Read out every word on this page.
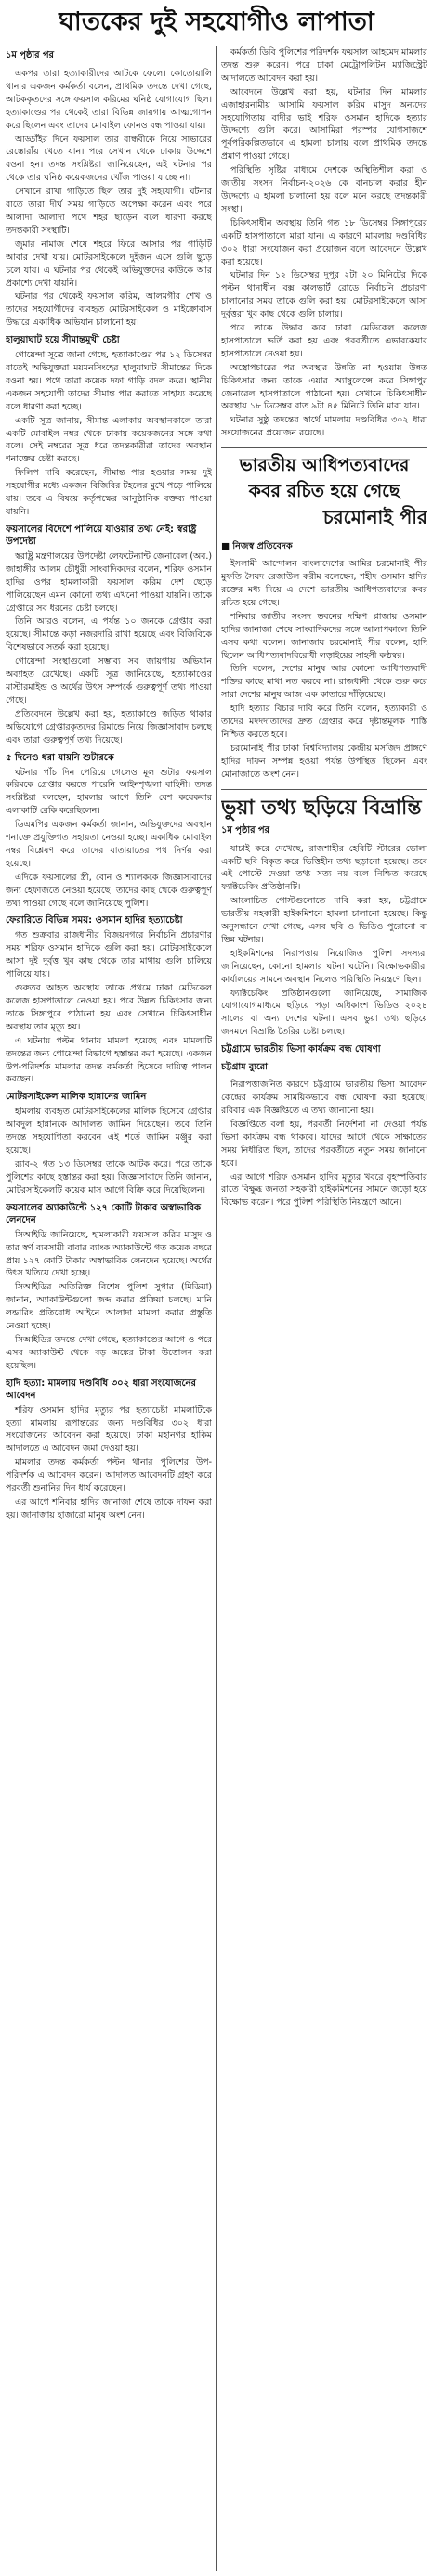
ঘাতকের দুই সহযোগীও লাপাতা
১ম পৃষ্ঠার পর

একপর তারা হত্যাকারীদের আটকে ফেলে। কোতোয়ালি থানার একজন কর্মকর্তা বলেন, প্রাথমিক তদন্তে দেখা গেছে, আটককৃতদের সঙ্গে ফয়সাল করিমের ঘনিষ্ঠ যোগাযোগ ছিল। হত্যাকাণ্ডের পর থেকেই তারা বিভিন্ন জায়গায় আত্মগোপন করে ছিলেন এবং তাদের মোবাইল ফোনও বন্ধ পাওয়া যায়।

আড্ডাঁইর দিনে ফয়সাল তার বান্ধবীকে নিয়ে সাভারের রেস্তোরাঁয় খেতে যান। পরে সেখান থেকে ঢাকায় উদ্দেশে রওনা হন। তদন্ত সংশ্লিষ্টরা জানিয়েছেন, এই ঘটনার পর থেকে তার ঘনিষ্ঠ কয়েকজনের খোঁজ পাওয়া যাচ্ছে না।

সেখানে রাখা গাড়িতে ছিল তার দুই সহযোগী। ঘটনার রাতে তারা দীর্ঘ সময় গাড়িতে অপেক্ষা করেন এবং পরে আলাদা আলাদা পথে শহর ছাড়েন বলে ধারণা করছে তদন্তকারী সংস্থাটি।

জুমার নামাজ শেষে শহরে ফিরে আসার পর গাড়িটি আবার দেখা যায়। মোটরসাইকেলে দুইজন এসে গুলি ছুড়ে চলে যায়। এ ঘটনার পর থেকেই অভিযুক্তদের কাউকে আর প্রকাশ্যে দেখা যায়নি।

ঘটনার পর থেকেই ফয়সাল করিম, আলমগীর শেখ ও তাদের সহযোগীদের ব্যবহৃত মোটরসাইকেল ও মাইক্রোবাস উদ্ধারে একাধিক অভিযান চালানো হয়।

হালুয়াঘাট হয়ে সীমান্তমুখী চেষ্টা

গোয়েন্দা সূত্রে জানা গেছে, হত্যাকাণ্ডের পর ১২ ডিসেম্বর রাতেই অভিযুক্তরা ময়মনসিংহের হালুয়াঘাট সীমান্তের দিকে রওনা হয়। পথে তারা কয়েক দফা গাড়ি বদল করে। স্থানীয় একজন সহযোগী তাদের সীমান্ত পার করাতে সাহায্য করেছে বলে ধারণা করা হচ্ছে।

একটি সূত্র জানায়, সীমান্ত এলাকায় অবস্থানকালে তারা একটি মোবাইল নম্বর থেকে ঢাকায় কয়েকজনের সঙ্গে কথা বলে। সেই নম্বরের সূত্র ধরে তদন্তকারীরা তাদের অবস্থান শনাক্তের চেষ্টা করছে।

ফিলিপ দাবি করেছেন, সীমান্ত পার হওয়ার সময় দুই সহযোগীর মধ্যে একজন বিজিবির টহলের মুখে পড়ে পালিয়ে যায়। তবে এ বিষয়ে কর্তৃপক্ষের আনুষ্ঠানিক বক্তব্য পাওয়া যায়নি।

ফয়সালের বিদেশে পালিয়ে যাওয়ার তথ্য নেই: স্বরাষ্ট্র উপদেষ্টা

স্বরাষ্ট্র মন্ত্রণালয়ের উপদেষ্টা লেফটেন্যান্ট জেনারেল (অব.) জাহাঙ্গীর আলম চৌধুরী সাংবাদিকদের বলেন, শরিফ ওসমান হাদির ওপর হামলাকারী ফয়সাল করিম দেশ ছেড়ে পালিয়েছেন এমন কোনো তথ্য এখনো পাওয়া যায়নি। তাকে গ্রেপ্তারে সব ধরনের চেষ্টা চলছে।

তিনি আরও বলেন, এ পর্যন্ত ১০ জনকে গ্রেপ্তার করা হয়েছে। সীমান্তে কড়া নজরদারি রাখা হয়েছে এবং বিজিবিকে বিশেষভাবে সতর্ক করা হয়েছে।

গোয়েন্দা সংস্থাগুলো সম্ভাব্য সব জায়গায় অভিযান অব্যাহত রেখেছে। একটি সূত্র জানিয়েছে, হত্যাকাণ্ডের মাস্টারমাইন্ড ও অর্থের উৎস সম্পর্কে গুরুত্বপূর্ণ তথ্য পাওয়া গেছে।

প্রতিবেদনে উল্লেখ করা হয়, হত্যাকাণ্ডে জড়িত থাকার অভিযোগে গ্রেপ্তারকৃতদের রিমান্ডে নিয়ে জিজ্ঞাসাবাদ চলছে এবং তারা গুরুত্বপূর্ণ তথ্য দিয়েছে।

৫ দিনেও ধরা যায়নি শুটারকে

ঘটনার পাঁচ দিন পেরিয়ে গেলেও মূল শুটার ফয়সাল করিমকে গ্রেপ্তার করতে পারেনি আইনশৃঙ্খলা বাহিনী। তদন্ত সংশ্লিষ্টরা বলছেন, হামলার আগে তিনি বেশ কয়েকবার এলাকাটি রেকি করেছিলেন।

ডিএমপির একজন কর্মকর্তা জানান, অভিযুক্তদের অবস্থান শনাক্তে প্রযুক্তিগত সহায়তা নেওয়া হচ্ছে। একাধিক মোবাইল নম্বর বিশ্লেষণ করে তাদের যাতায়াতের পথ নির্ণয় করা হয়েছে।

এদিকে ফয়সালের স্ত্রী, বোন ও শ্যালককে জিজ্ঞাসাবাদের জন্য হেফাজতে নেওয়া হয়েছে। তাদের কাছ থেকে গুরুত্বপূর্ণ তথ্য পাওয়া গেছে বলে জানিয়েছে পুলিশ।

ফেরারিতে বিভিন্ন সময়: ওসমান হাদির হত্যাচেষ্টা

গত শুক্রবার রাজধানীর বিজয়নগরে নির্বাচনি প্রচারণার সময় শরিফ ওসমান হাদিকে গুলি করা হয়। মোটরসাইকেলে আসা দুই দুর্বৃত্ত খুব কাছ থেকে তার মাথায় গুলি চালিয়ে পালিয়ে যায়।

গুরুতর আহত অবস্থায় তাকে প্রথমে ঢাকা মেডিকেল কলেজ হাসপাতালে নেওয়া হয়। পরে উন্নত চিকিৎসার জন্য তাকে সিঙ্গাপুরে পাঠানো হয় এবং সেখানে চিকিৎসাধীন অবস্থায় তার মৃত্যু হয়।

এ ঘটনায় পল্টন থানায় মামলা হয়েছে এবং মামলাটি তদন্তের জন্য গোয়েন্দা বিভাগে হস্তান্তর করা হয়েছে। একজন উপ-পরিদর্শক মামলার তদন্ত কর্মকর্তা হিসেবে দায়িত্ব পালন করছেন।

মোটরসাইকেল মালিক হান্নানের জামিন

হামলায় ব্যবহৃত মোটরসাইকেলের মালিক হিসেবে গ্রেপ্তার আবদুল হান্নানকে আদালত জামিন দিয়েছেন। তবে তিনি তদন্তে সহযোগিতা করবেন এই শর্তে জামিন মঞ্জুর করা হয়েছে।

র‍্যাব-২ গত ১৩ ডিসেম্বর তাকে আটক করে। পরে তাকে পুলিশের কাছে হস্তান্তর করা হয়। জিজ্ঞাসাবাদে তিনি জানান, মোটরসাইকেলটি কয়েক মাস আগে বিক্রি করে দিয়েছিলেন।

ফয়সালের অ্যাকাউন্টে ১২৭ কোটি টাকার অস্বাভাবিক লেনদেন

সিআইডি জানিয়েছে, হামলাকারী ফয়সাল করিম মাসুদ ও তার স্বর্ণ ব্যবসায়ী বাবার ব্যাংক অ্যাকাউন্টে গত কয়েক বছরে প্রায় ১২৭ কোটি টাকার অস্বাভাবিক লেনদেন হয়েছে। অর্থের উৎস খতিয়ে দেখা হচ্ছে।

সিআইডির অতিরিক্ত বিশেষ পুলিশ সুপার (মিডিয়া) জানান, অ্যাকাউন্টগুলো জব্দ করার প্রক্রিয়া চলছে। মানি লন্ডারিং প্রতিরোধ আইনে আলাদা মামলা করার প্রস্তুতি নেওয়া হচ্ছে।

সিআইডির তদন্তে দেখা গেছে, হত্যাকাণ্ডের আগে ও পরে এসব অ্যাকাউন্ট থেকে বড় অঙ্কের টাকা উত্তোলন করা হয়েছিল।

হাদি হত্যা: মামলায় দণ্ডবিধি ৩০২ ধারা সংযোজনের আবেদন

শরিফ ওসমান হাদির মৃত্যুর পর হত্যাচেষ্টা মামলাটিকে হত্যা মামলায় রূপান্তরের জন্য দণ্ডবিধির ৩০২ ধারা সংযোজনের আবেদন করা হয়েছে। ঢাকা মহানগর হাকিম আদালতে এ আবেদন জমা দেওয়া হয়।

মামলার তদন্ত কর্মকর্তা পল্টন থানার পুলিশের উপ-পরিদর্শক এ আবেদন করেন। আদালত আবেদনটি গ্রহণ করে পরবর্তী শুনানির দিন ধার্য করেছেন।

এর আগে শনিবার হাদির জানাজা শেষে তাকে দাফন করা হয়। জানাজায় হাজারো মানুষ অংশ নেন।

কর্মকর্তা ডিবি পুলিশের পরিদর্শক ফয়সাল আহমেদ মামলার তদন্ত শুরু করেন। পরে ঢাকা মেট্রোপলিটন ম্যাজিস্ট্রেট আদালতে আবেদন করা হয়।

আবেদনে উল্লেখ করা হয়, ঘটনার দিন মামলার এজাহারনামীয় আসামি ফয়সাল করিম মাসুদ অন্যদের সহযোগিতায় বাদীর ভাই শরিফ ওসমান হাদিকে হত্যার উদ্দেশ্যে গুলি করে। আসামিরা পরস্পর যোগসাজশে পূর্বপরিকল্পিতভাবে এ হামলা চালায় বলে প্রাথমিক তদন্তে প্রমাণ পাওয়া গেছে।

পরিস্থিতি সৃষ্টির মাধ্যমে দেশকে অস্থিতিশীল করা ও জাতীয় সংসদ নির্বাচন-২০২৬ কে বানচাল করার হীন উদ্দেশ্যে এ হামলা চালানো হয় বলে মনে করছে তদন্তকারী সংস্থা।

চিকিৎসাধীন অবস্থায় তিনি গত ১৮ ডিসেম্বর সিঙ্গাপুরের একটি হাসপাতালে মারা যান। এ কারণে মামলায় দণ্ডবিধির ৩০২ ধারা সংযোজন করা প্রয়োজন বলে আবেদনে উল্লেখ করা হয়েছে।

ঘটনার দিন ১২ ডিসেম্বর দুপুর ২টা ২০ মিনিটের দিকে পল্টন থানাধীন বক্স কালভার্ট রোডে নির্বাচনি প্রচারণা চালানোর সময় তাকে গুলি করা হয়। মোটরসাইকেলে আসা দুর্বৃত্তরা খুব কাছ থেকে গুলি চালায়।

পরে তাকে উদ্ধার করে ঢাকা মেডিকেল কলেজ হাসপাতালে ভর্তি করা হয় এবং পরবর্তীতে এভারকেয়ার হাসপাতালে নেওয়া হয়।

অস্ত্রোপচারের পর অবস্থার উন্নতি না হওয়ায় উন্নত চিকিৎসার জন্য তাকে এয়ার অ্যাম্বুলেন্সে করে সিঙ্গাপুর জেনারেল হাসপাতালে পাঠানো হয়। সেখানে চিকিৎসাধীন অবস্থায় ১৮ ডিসেম্বর রাত ৯টা ৪৫ মিনিটে তিনি মারা যান।

ঘটনার সুষ্ঠু তদন্তের স্বার্থে মামলায় দণ্ডবিধির ৩০২ ধারা সংযোজনের প্রয়োজন রয়েছে।

ভারতীয় আধিপত্যবাদের
কবর রচিত হয়ে গেছে
চরমোনাই পীর
■ নিজস্ব প্রতিবেদক

ইসলামী আন্দোলন বাংলাদেশের আমির চরমোনাই পীর মুফতি সৈয়দ রেজাউল করীম বলেছেন, শহীদ ওসমান হাদির রক্তের মধ্য দিয়ে এ দেশে ভারতীয় আধিপত্যবাদের কবর রচিত হয়ে গেছে।

শনিবার জাতীয় সংসদ ভবনের দক্ষিণ প্লাজায় ওসমান হাদির জানাজা শেষে সাংবাদিকদের সঙ্গে আলাপকালে তিনি এসব কথা বলেন। জানাজায় চরমোনাই পীর বলেন, হাদি ছিলেন আধিপত্যবাদবিরোধী লড়াইয়ের সাহসী কণ্ঠস্বর।

তিনি বলেন, দেশের মানুষ আর কোনো আধিপত্যবাদী শক্তির কাছে মাথা নত করবে না। রাজধানী থেকে শুরু করে সারা দেশের মানুষ আজ এক কাতারে দাঁড়িয়েছে।

হাদি হত্যার বিচার দাবি করে তিনি বলেন, হত্যাকারী ও তাদের মদদদাতাদের দ্রুত গ্রেপ্তার করে দৃষ্টান্তমূলক শাস্তি নিশ্চিত করতে হবে।

চরমোনাই পীর ঢাকা বিশ্ববিদ্যালয় কেন্দ্রীয় মসজিদ প্রাঙ্গণে হাদির দাফন সম্পন্ন হওয়া পর্যন্ত উপস্থিত ছিলেন এবং মোনাজাতে অংশ নেন।

ভুয়া তথ্য ছড়িয়ে বিভ্রান্তি
১ম পৃষ্ঠার পর

যাচাই করে দেখেছে, রাজশাহীর হেরিটি স্টারের ভোলা একটি ছবি বিকৃত করে ভিত্তিহীন তথ্য ছড়ানো হয়েছে। তবে এই পোস্টে দেওয়া তথ্য সত্য নয় বলে নিশ্চিত করেছে ফ্যাক্টচেকিং প্রতিষ্ঠানটি।

আলোচিত পোস্টগুলোতে দাবি করা হয়, চট্টগ্রামে ভারতীয় সহকারী হাইকমিশনে হামলা চালানো হয়েছে। কিন্তু অনুসন্ধানে দেখা গেছে, এসব ছবি ও ভিডিও পুরোনো বা ভিন্ন ঘটনার।

হাইকমিশনের নিরাপত্তায় নিয়োজিত পুলিশ সদস্যরা জানিয়েছেন, কোনো হামলার ঘটনা ঘটেনি। বিক্ষোভকারীরা কার্যালয়ের সামনে অবস্থান নিলেও পরিস্থিতি নিয়ন্ত্রণে ছিল।

ফ্যাক্টচেকিং প্রতিষ্ঠানগুলো জানিয়েছে, সামাজিক যোগাযোগমাধ্যমে ছড়িয়ে পড়া অধিকাংশ ভিডিও ২০২৪ সালের বা অন্য দেশের ঘটনা। এসব ভুয়া তথ্য ছড়িয়ে জনমনে বিভ্রান্তি তৈরির চেষ্টা চলছে।

চট্টগ্রামে ভারতীয় ভিসা কার্যক্রম বন্ধ ঘোষণা
চট্টগ্রাম ব্যুরো

নিরাপত্তাজনিত কারণে চট্টগ্রামে ভারতীয় ভিসা আবেদন কেন্দ্রের কার্যক্রম সাময়িকভাবে বন্ধ ঘোষণা করা হয়েছে। রবিবার এক বিজ্ঞপ্তিতে এ তথ্য জানানো হয়।

বিজ্ঞপ্তিতে বলা হয়, পরবর্তী নির্দেশনা না দেওয়া পর্যন্ত ভিসা কার্যক্রম বন্ধ থাকবে। যাদের আগে থেকে সাক্ষাতের সময় নির্ধারিত ছিল, তাদের পরবর্তীতে নতুন সময় জানানো হবে।

এর আগে শরিফ ওসমান হাদির মৃত্যুর খবরে বৃহস্পতিবার রাতে বিক্ষুব্ধ জনতা সহকারী হাইকমিশনের সামনে জড়ো হয়ে বিক্ষোভ করেন। পরে পুলিশ পরিস্থিতি নিয়ন্ত্রণে আনে।
